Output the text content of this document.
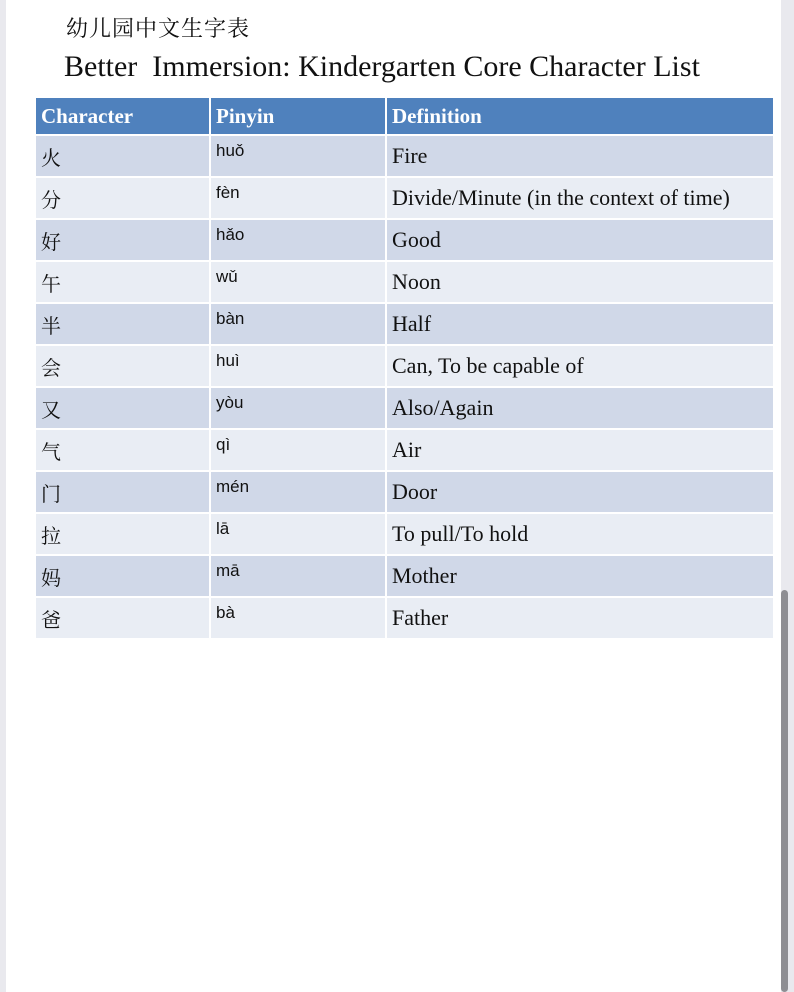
幼儿园中文生字表
Better  Immersion: Kindergarten Core Character List
Character	Pinyin	Definition
火	huǒ	Fire
分	fèn	Divide/Minute (in the context of time)
好	hǎo	Good
午	wǔ	Noon
半	bàn	Half
会	huì	Can, To be capable of
又	yòu	Also/Again
气	qì	Air
门	mén	Door
拉	lā	To pull/To hold
妈	mā	Mother
爸	bà	Father
